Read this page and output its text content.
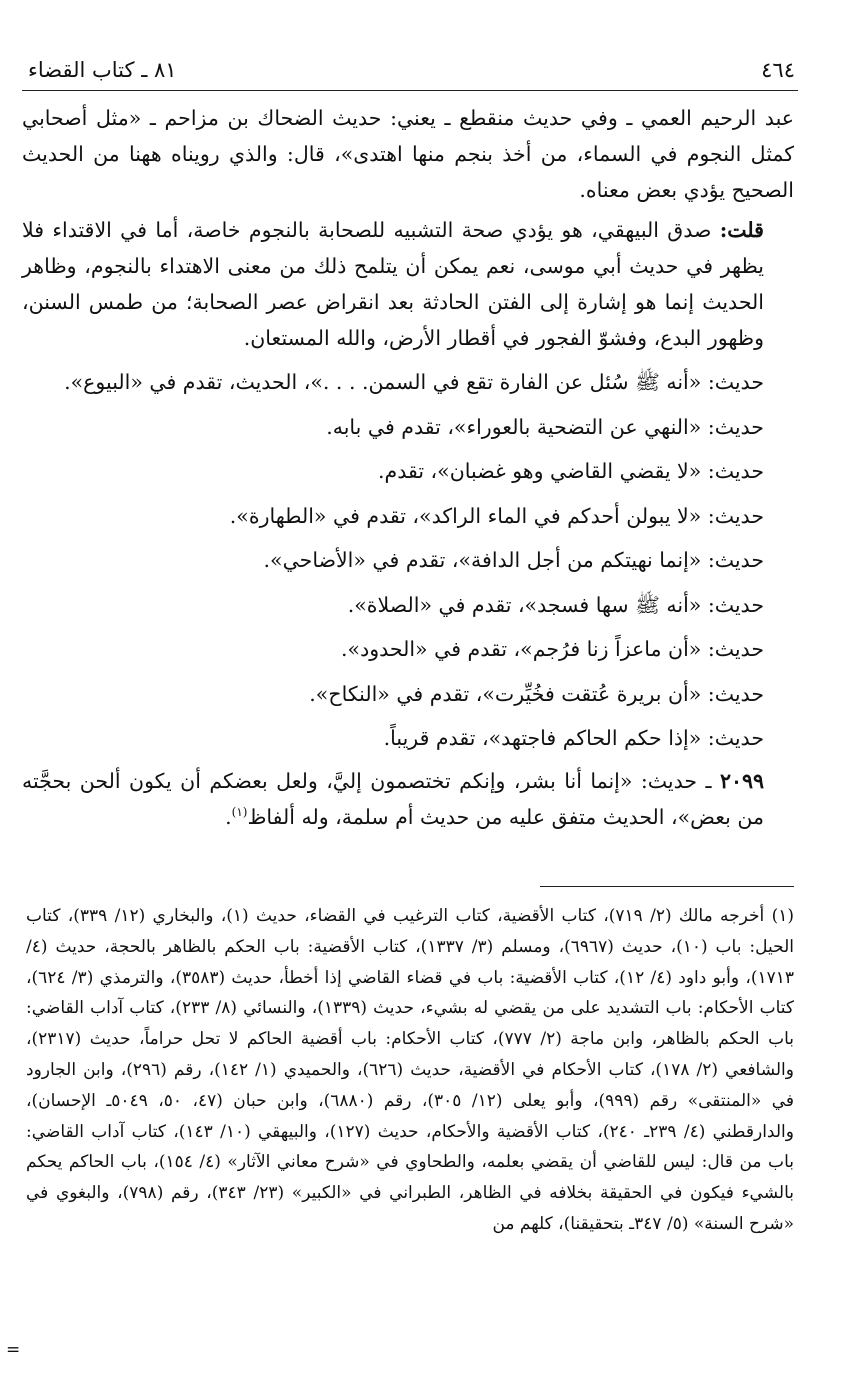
٤٦٤
٨١ ـ كتاب القضاء

عبد الرحيم العمي ـ وفي حديث منقطع ـ يعني: حديث الضحاك بن مزاحم ـ «مثل أصحابي كمثل النجوم في السماء، من أخذ بنجم منها اهتدى»، قال: والذي رويناه ههنا من الحديث الصحيح يؤدي بعض معناه.

قلت: صدق البيهقي، هو يؤدي صحة التشبيه للصحابة بالنجوم خاصة، أما في الاقتداء فلا يظهر في حديث أبي موسى، نعم يمكن أن يتلمح ذلك من معنى الاهتداء بالنجوم، وظاهر الحديث إنما هو إشارة إلى الفتن الحادثة بعد انقراض عصر الصحابة؛ من طمس السنن، وظهور البدع، وفشوّ الفجور في أقطار الأرض، والله المستعان.

حديث: «أنه ﷺ سُئل عن الفارة تقع في السمن. . . .»، الحديث، تقدم في «البيوع».

حديث: «النهي عن التضحية بالعوراء»، تقدم في بابه.

حديث: «لا يقضي القاضي وهو غضبان»، تقدم.

حديث: «لا يبولن أحدكم في الماء الراكد»، تقدم في «الطهارة».

حديث: «إنما نهيتكم من أجل الدافة»، تقدم في «الأضاحي».

حديث: «أنه ﷺ سها فسجد»، تقدم في «الصلاة».

حديث: «أن ماعزاً زنا فرُجم»، تقدم في «الحدود».

حديث: «أن بريرة عُتقت فخُيِّرت»، تقدم في «النكاح».

حديث: «إذا حكم الحاكم فاجتهد»، تقدم قريباً.

٢٠٩٩ ـ حديث: «إنما أنا بشر، وإنكم تختصمون إليَّ، ولعل بعضكم أن يكون ألحن بحجَّته من بعض»، الحديث متفق عليه من حديث أم سلمة، وله ألفاظ$^{(١)}$.

(١) أخرجه مالك (٢/ ٧١٩)، كتاب الأقضية، كتاب الترغيب في القضاء، حديث (١)، والبخاري (١٢/ ٣٣٩)، كتاب الحيل: باب (١٠)، حديث (٦٩٦٧)، ومسلم (٣/ ١٣٣٧)، كتاب الأقضية: باب الحكم بالظاهر بالحجة، حديث (٤/ ١٧١٣)، وأبو داود (٤/ ١٢)، كتاب الأقضية: باب في قضاء القاضي إذا أخطأ، حديث (٣٥٨٣)، والترمذي (٣/ ٦٢٤)، كتاب الأحكام: باب التشديد على من يقضي له بشيء، حديث (١٣٣٩)، والنسائي (٨/ ٢٣٣)، كتاب آداب القاضي: باب الحكم بالظاهر، وابن ماجة (٢/ ٧٧٧)، كتاب الأحكام: باب أقضية الحاكم لا تحل حراماً، حديث (٢٣١٧)، والشافعي (٢/ ١٧٨)، كتاب الأحكام في الأقضية، حديث (٦٢٦)، والحميدي (١/ ١٤٢)، رقم (٢٩٦)، وابن الجارود في «المنتقى» رقم (٩٩٩)، وأبو يعلى (١٢/ ٣٠٥)، رقم (٦٨٨٠)، وابن حبان (٤٧، ٥٠، ٥٠٤٩ـ الإحسان)، والدارقطني (٤/ ٢٣٩ـ ٢٤٠)، كتاب الأقضية والأحكام، حديث (١٢٧)، والبيهقي (١٠/ ١٤٣)، كتاب آداب القاضي: باب من قال: ليس للقاضي أن يقضي بعلمه، والطحاوي في «شرح معاني الآثار» (٤/ ١٥٤)، باب الحاكم يحكم بالشيء فيكون في الحقيقة بخلافه في الظاهر، الطبراني في «الكبير» (٢٣/ ٣٤٣)، رقم (٧٩٨)، والبغوي في «شرح السنة» (٥/ ٣٤٧ـ بتحقيقنا)، كلهم من

=
